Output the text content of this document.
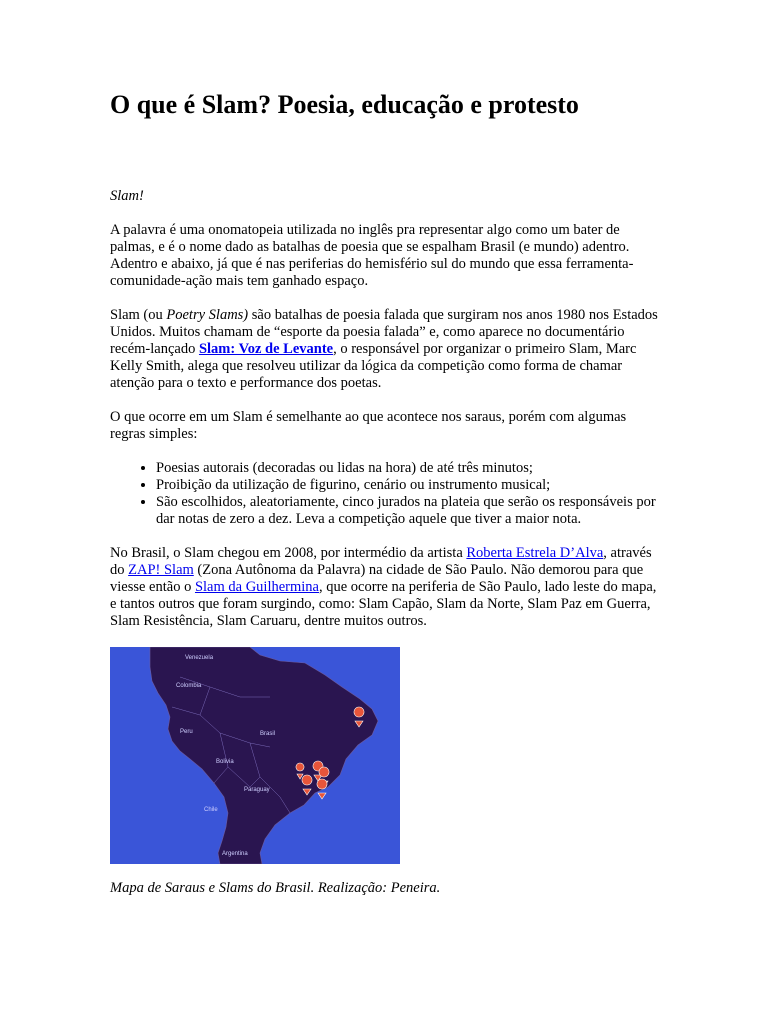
O que é Slam? Poesia, educação e protesto

Slam!

A palavra é uma onomatopeia utilizada no inglês pra representar algo como um bater de palmas, e é o nome dado as batalhas de poesia que se espalham Brasil (e mundo) adentro. Adentro e abaixo, já que é nas periferias do hemisfério sul do mundo que essa ferramenta-comunidade-ação mais tem ganhado espaço.

Slam (ou Poetry Slams) são batalhas de poesia falada que surgiram nos anos 1980 nos Estados Unidos. Muitos chamam de “esporte da poesia falada” e, como aparece no documentário recém-lançado Slam: Voz de Levante, o responsável por organizar o primeiro Slam, Marc Kelly Smith, alega que resolveu utilizar da lógica da competição como forma de chamar atenção para o texto e performance dos poetas.

O que ocorre em um Slam é semelhante ao que acontece nos saraus, porém com algumas regras simples:

• Poesias autorais (decoradas ou lidas na hora) de até três minutos;
• Proibição da utilização de figurino, cenário ou instrumento musical;
• São escolhidos, aleatoriamente, cinco jurados na plateia que serão os responsáveis por dar notas de zero a dez. Leva a competição aquele que tiver a maior nota.

No Brasil, o Slam chegou em 2008, por intermédio da artista Roberta Estrela D’Alva, através do ZAP! Slam (Zona Autônoma da Palavra) na cidade de São Paulo. Não demorou para que viesse então o Slam da Guilhermina, que ocorre na periferia de São Paulo, lado leste do mapa, e tantos outros que foram surgindo, como: Slam Capão, Slam da Norte, Slam Paz em Guerra, Slam Resistência, Slam Caruaru, dentre muitos outros.

Venezuela
Colombia
Brasil
Peru
Bolivia
Paraguay
Chile
Argentina

Mapa de Saraus e Slams do Brasil. Realização: Peneira.
